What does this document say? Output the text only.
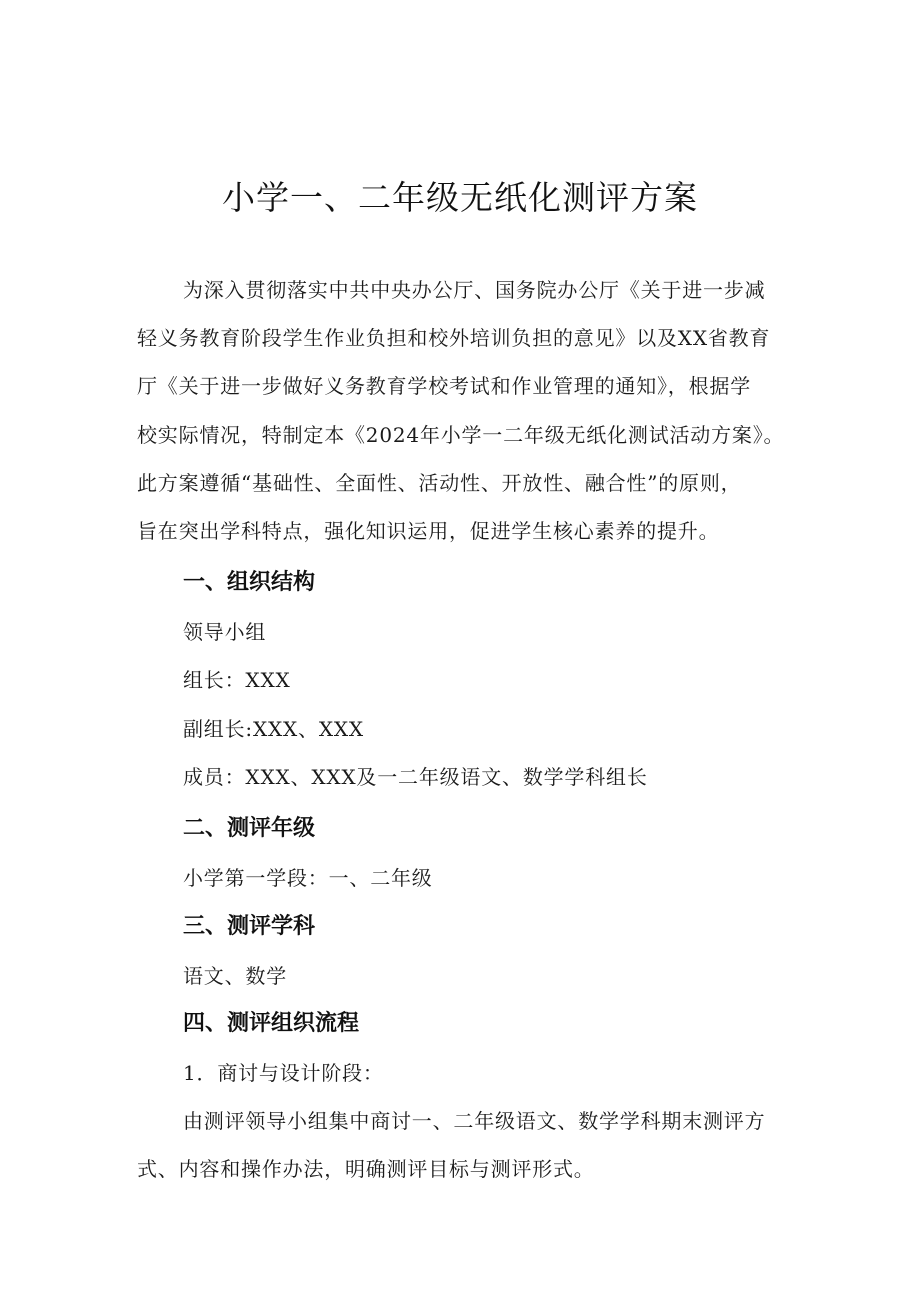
小学一、二年级无纸化测评方案
为深入贯彻落实中共中央办公厅、国务院办公厅《关于进一步减
轻义务教育阶段学生作业负担和校外培训负担的意见》以及XX省教育
厅《关于进一步做好义务教育学校考试和作业管理的通知》，根据学
校实际情况，特制定本《2024年小学一二年级无纸化测试活动方案》。
此方案遵循“基础性、全面性、活动性、开放性、融合性”的原则，
旨在突出学科特点，强化知识运用，促进学生核心素养的提升。
一、组织结构
领导小组
组长：XXX
副组长:XXX、XXX
成员：XXX、XXX及一二年级语文、数学学科组长
二、测评年级
小学第一学段：一、二年级
三、测评学科
语文、数学
四、测评组织流程
1．商讨与设计阶段：
由测评领导小组集中商讨一、二年级语文、数学学科期末测评方
式、内容和操作办法，明确测评目标与测评形式。
